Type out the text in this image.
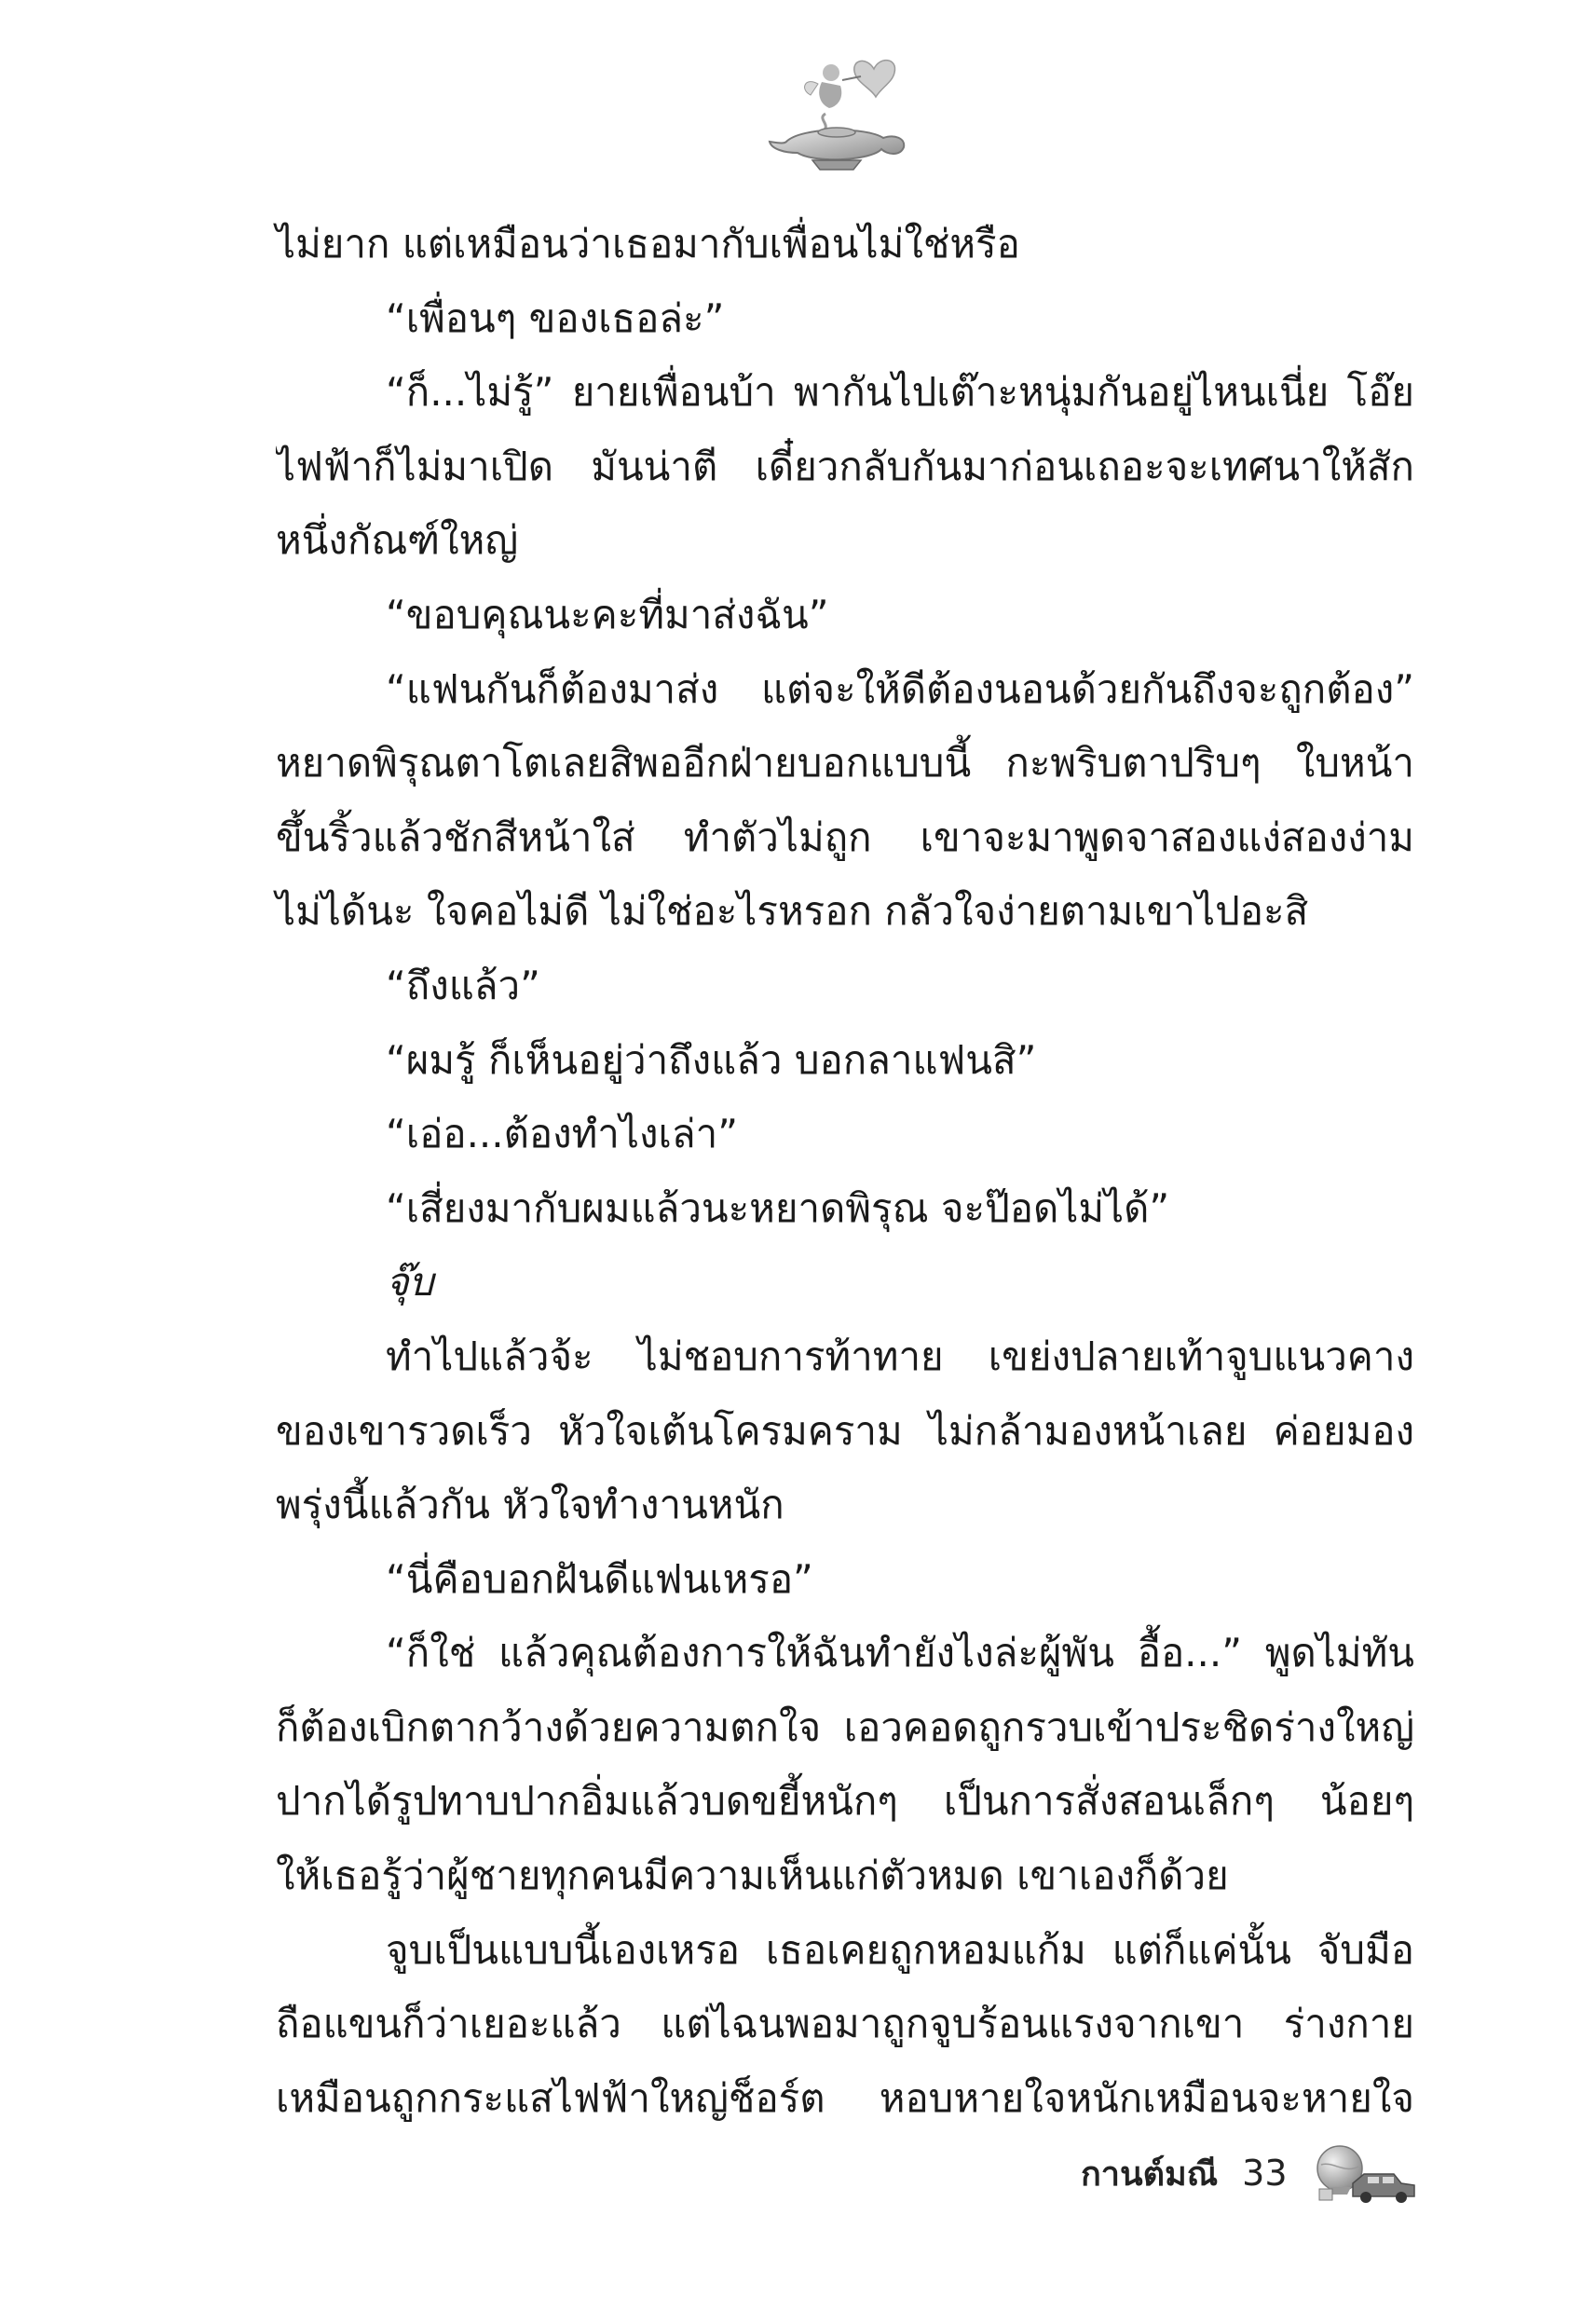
ไม่ยาก แต่เหมือนว่าเธอมากับเพื่อนไม่ใช่หรือ
“เพื่อนๆ ของเธอล่ะ”
“ก็...ไม่รู้” ยายเพื่อนบ้า พากันไปเต๊าะหนุ่มกันอยู่ไหนเนี่ย โอ๊ย
ไฟฟ้าก็ไม่มาเปิด มันน่าตี เดี๋ยวกลับกันมาก่อนเถอะจะเทศนาให้สัก
หนึ่งกัณฑ์ใหญ่
“ขอบคุณนะคะที่มาส่งฉัน”
“แฟนกันก็ต้องมาส่ง แต่จะให้ดีต้องนอนด้วยกันถึงจะถูกต้อง”
หยาดพิรุณตาโตเลยสิพออีกฝ่ายบอกแบบนี้ กะพริบตาปริบๆ ใบหน้า
ขึ้นริ้วแล้วชักสีหน้าใส่ ทำตัวไม่ถูก เขาจะมาพูดจาสองแง่สองง่าม
ไม่ได้นะ ใจคอไม่ดี ไม่ใช่อะไรหรอก กลัวใจง่ายตามเขาไปอะสิ
“ถึงแล้ว”
“ผมรู้ ก็เห็นอยู่ว่าถึงแล้ว บอกลาแฟนสิ”
“เอ่อ...ต้องทำไงเล่า”
“เสี่ยงมากับผมแล้วนะหยาดพิรุณ จะป๊อดไม่ได้”
จุ๊บ
ทำไปแล้วจ้ะ ไม่ชอบการท้าทาย เขย่งปลายเท้าจูบแนวคาง
ของเขารวดเร็ว หัวใจเต้นโครมคราม ไม่กล้ามองหน้าเลย ค่อยมอง
พรุ่งนี้แล้วกัน หัวใจทำงานหนัก
“นี่คือบอกฝันดีแฟนเหรอ”
“ก็ใช่ แล้วคุณต้องการให้ฉันทำยังไงล่ะผู้พัน อื้อ...” พูดไม่ทัน
ก็ต้องเบิกตากว้างด้วยความตกใจ เอวคอดถูกรวบเข้าประชิดร่างใหญ่
ปากได้รูปทาบปากอิ่มแล้วบดขยี้หนักๆ เป็นการสั่งสอนเล็กๆ น้อยๆ
ให้เธอรู้ว่าผู้ชายทุกคนมีความเห็นแก่ตัวหมด เขาเองก็ด้วย
จูบเป็นแบบนี้เองเหรอ เธอเคยถูกหอมแก้ม แต่ก็แค่นั้น จับมือ
ถือแขนก็ว่าเยอะแล้ว แต่ไฉนพอมาถูกจูบร้อนแรงจากเขา ร่างกาย
เหมือนถูกกระแสไฟฟ้าใหญ่ช็อร์ต หอบหายใจหนักเหมือนจะหายใจ
กานต์มณี 33
